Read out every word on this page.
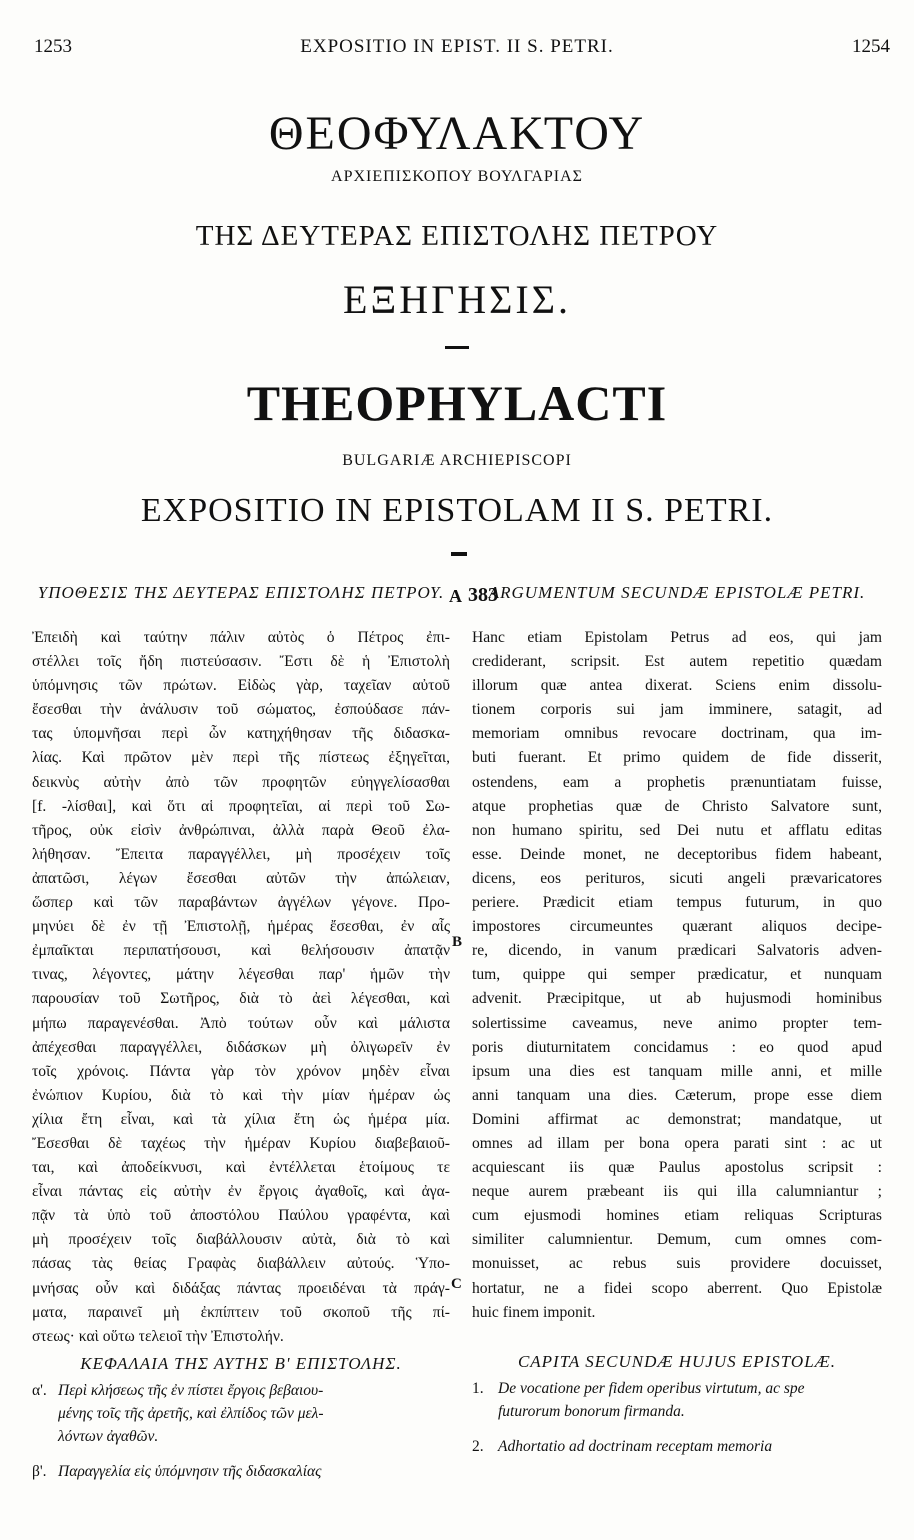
1253	EXPOSITIO IN EPIST. II S. PETRI.	1254
ΘΕΟΦΥΛΑΚΤΟΥ
ΑΡΧΙΕΠΙΣΚΟΠΟΥ ΒΟΥΛΓΑΡΙΑΣ
ΤΗΣ ΔΕΥΤΕΡΑΣ ΕΠΙΣΤΟΛΗΣ ΠΕΤΡΟΥ
ΕΞΗΓΗΣΙΣ.
THEOPHYLACTI
BULGARIÆ ARCHIEPISCOPI
EXPOSITIO IN EPISTOLAM II S. PETRI.
A 383
B
C
ΥΠΟΘΕΣΙΣ ΤΗΣ ΔΕΥΤΕΡΑΣ ΕΠΙΣΤΟΛΗΣ ΠΕΤΡΟΥ.
Ἐπειδὴ καὶ ταύτην πάλιν αὐτὸς ὁ Πέτρος ἐπι-
στέλλει τοῖς ἤδη πιστεύσασιν. Ἔστι δὲ ἡ Ἐπιστολὴ
ὑπόμνησις τῶν πρώτων. Εἰδὼς γὰρ, ταχεῖαν αὐτοῦ
ἔσεσθαι τὴν ἀνάλυσιν τοῦ σώματος, ἐσπούδασε πάν-
τας ὑπομνῆσαι περὶ ὧν κατηχήθησαν τῆς διδασκα-
λίας. Καὶ πρῶτον μὲν περὶ τῆς πίστεως ἐξηγεῖται,
δεικνὺς αὐτὴν ἀπὸ τῶν προφητῶν εὐηγγελίσασθαι
[f. -λίσθαι], καὶ ὅτι αἱ προφητεῖαι, αἱ περὶ τοῦ Σω-
τῆρος, οὐκ εἰσὶν ἀνθρώπιναι, ἀλλὰ παρὰ Θεοῦ ἐλα-
λήθησαν. Ἔπειτα παραγγέλλει, μὴ προσέχειν τοῖς
ἀπατῶσι, λέγων ἔσεσθαι αὐτῶν τὴν ἀπώλειαν,
ὥσπερ καὶ τῶν παραβάντων ἀγγέλων γέγονε. Προ-
μηνύει δὲ ἐν τῇ Ἐπιστολῇ, ἡμέρας ἔσεσθαι, ἐν αἷς
ἐμπαῖκται περιπατήσουσι, καὶ θελήσουσιν ἀπατᾷν
τινας, λέγοντες, μάτην λέγεσθαι παρ' ἡμῶν τὴν
παρουσίαν τοῦ Σωτῆρος, διὰ τὸ ἀεὶ λέγεσθαι, καὶ
μήπω παραγενέσθαι. Ἀπὸ τούτων οὖν καὶ μάλιστα
ἀπέχεσθαι παραγγέλλει, διδάσκων μὴ ὀλιγωρεῖν ἐν
τοῖς χρόνοις. Πάντα γὰρ τὸν χρόνον μηδὲν εἶναι
ἐνώπιον Κυρίου, διὰ τὸ καὶ τὴν μίαν ἡμέραν ὡς
χίλια ἔτη εἶναι, καὶ τὰ χίλια ἔτη ὡς ἡμέρα μία.
Ἔσεσθαι δὲ ταχέως τὴν ἡμέραν Κυρίου διαβεβαιοῦ-
ται, καὶ ἀποδείκνυσι, καὶ ἐντέλλεται ἑτοίμους τε
εἶναι πάντας εἰς αὐτὴν ἐν ἔργοις ἀγαθοῖς, καὶ ἀγα-
πᾷν τὰ ὑπὸ τοῦ ἀποστόλου Παύλου γραφέντα, καὶ
μὴ προσέχειν τοῖς διαβάλλουσιν αὐτὰ, διὰ τὸ καὶ
πάσας τὰς θείας Γραφὰς διαβάλλειν αὐτούς. Ὑπο-
μνήσας οὖν καὶ διδάξας πάντας προειδέναι τὰ πράγ-
ματα, παραινεῖ μὴ ἐκπίπτειν τοῦ σκοποῦ τῆς πί-
στεως· καὶ οὕτω τελειοῖ τὴν Ἐπιστολήν.
ΚΕΦΑΛΑΙΑ ΤΗΣ ΑΥΤΗΣ Β' ΕΠΙΣΤΟΛΗΣ.
α'. Περὶ κλήσεως τῆς ἐν πίστει ἔργοις βεβαιου-
μένης τοῖς τῆς ἀρετῆς, καὶ ἐλπίδος τῶν μελ-
λόντων ἀγαθῶν.
β'. Παραγγελία εἰς ὑπόμνησιν τῆς διδασκαλίας
ARGUMENTUM SECUNDÆ EPISTOLÆ PETRI.
Hanc etiam Epistolam Petrus ad eos, qui jam
crediderant, scripsit. Est autem repetitio quædam
illorum quæ antea dixerat. Sciens enim dissolu-
tionem corporis sui jam imminere, satagit, ad
memoriam omnibus revocare doctrinam, qua im-
buti fuerant. Et primo quidem de fide disserit,
ostendens, eam a prophetis prænuntiatam fuisse,
atque prophetias quæ de Christo Salvatore sunt,
non humano spiritu, sed Dei nutu et afflatu editas
esse. Deinde monet, ne deceptoribus fidem habeant,
dicens, eos perituros, sicuti angeli prævaricatores
periere. Prædicit etiam tempus futurum, in quo
impostores circumeuntes quærant aliquos decipe-
re, dicendo, in vanum prædicari Salvatoris adven-
tum, quippe qui semper prædicatur, et nunquam
advenit. Præcipitque, ut ab hujusmodi hominibus
solertissime caveamus, neve animo propter tem-
poris diuturnitatem concidamus : eo quod apud
ipsum una dies est tanquam mille anni, et mille
anni tanquam una dies. Cæterum, prope esse diem
Domini affirmat ac demonstrat; mandatque, ut
omnes ad illam per bona opera parati sint : ac ut
acquiescant iis quæ Paulus apostolus scripsit :
neque aurem præbeant iis qui illa calumniantur ;
cum ejusmodi homines etiam reliquas Scripturas
similiter calumnientur. Demum, cum omnes com-
monuisset, ac rebus suis providere docuisset,
hortatur, ne a fidei scopo aberrent. Quo Epistolæ
huic finem imponit.
CAPITA SECUNDÆ HUJUS EPISTOLÆ.
1. De vocatione per fidem operibus virtutum, ac spe
futurorum bonorum firmanda.
2. Adhortatio ad doctrinam receptam memoria
